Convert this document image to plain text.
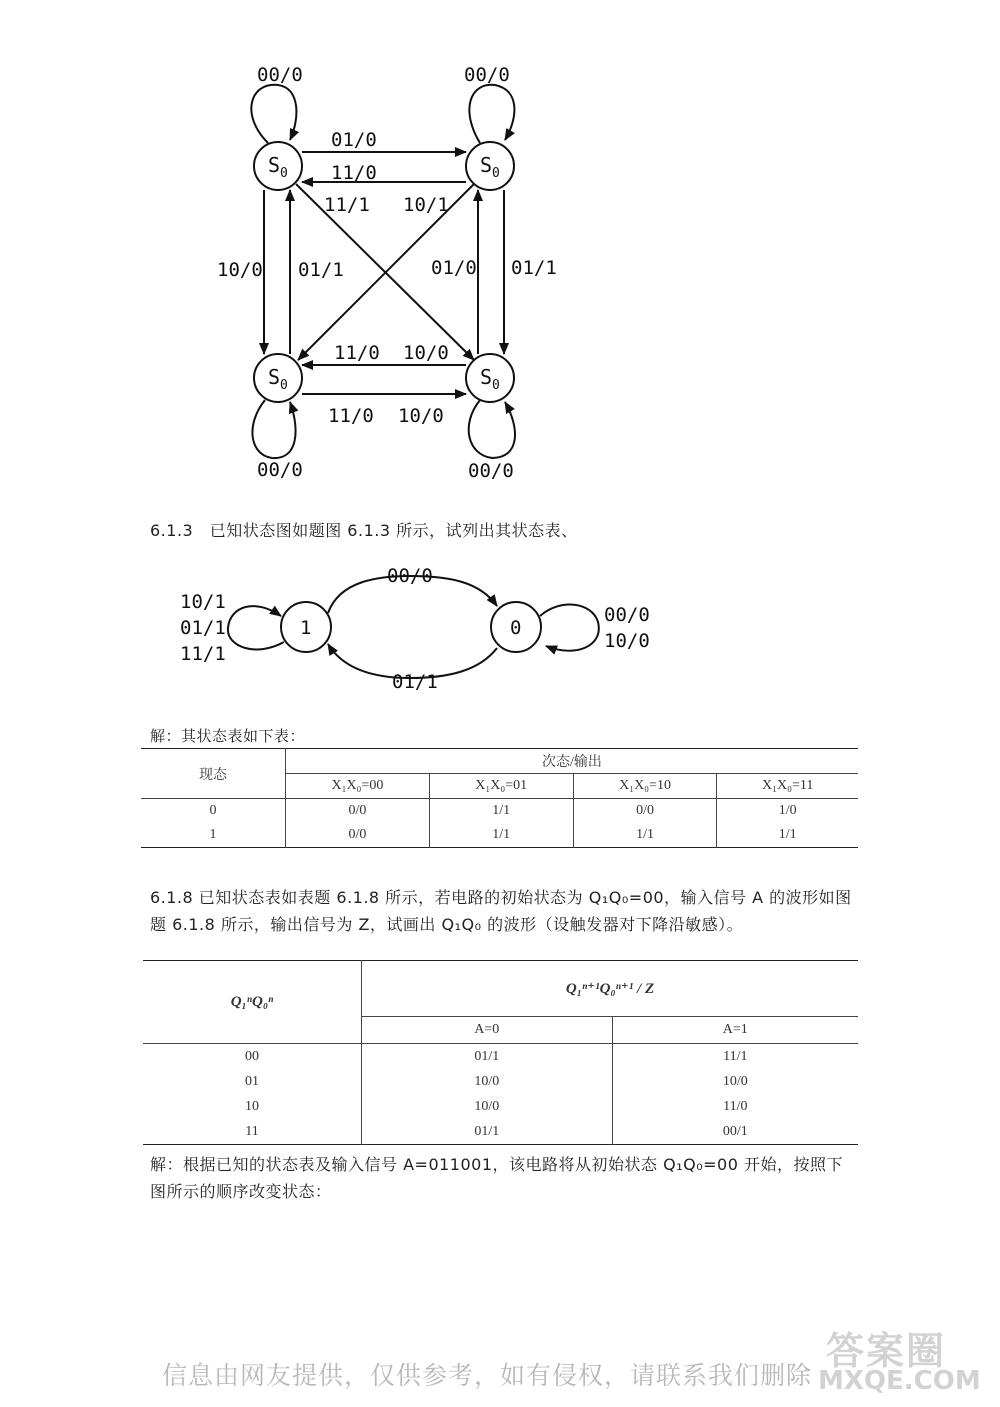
$S_0$	$S_0$
$S_0$	$S_0$
00/0	00/0
00/0	00/0
01/0
11/0
11/1 10/1
10/0 01/1	01/0 01/1
11/0 10/0
11/0 10/0
6.1.3　已知状态图如题图 6.1.3 所示，试列出其状态表、
1	0
00/0
01/1
10/1
01/1
11/1
00/0
10/0
解：其状态表如下表：
现态	次态/输出			
	X₁X₀=00	X₁X₀=01	X₁X₀=10	X₁X₀=11
0	0/0	1/1	0/0	1/0
1	0/0	1/1	1/1	1/1
6.1.8 已知状态表如表题 6.1.8 所示，若电路的初始状态为 Q₁Q₀=00，输入信号 A 的波形如图
题 6.1.8 所示，输出信号为 Z，试画出 Q₁Q₀ 的波形（设触发器对下降沿敏感）。
Q₁ⁿQ₀ⁿ	Q₁ⁿ⁺¹Q₀ⁿ⁺¹ / Z	
	A=0	A=1
00	01/1	11/1
01	10/0	10/0
10	10/0	11/0
11	01/1	00/1
解：根据已知的状态表及输入信号 A=011001，该电路将从初始状态 Q₁Q₀=00 开始，按照下
图所示的顺序改变状态：
信息由网友提供，仅供参考，如有侵权，请联系我们删除
答案圈
MXQE.COM
